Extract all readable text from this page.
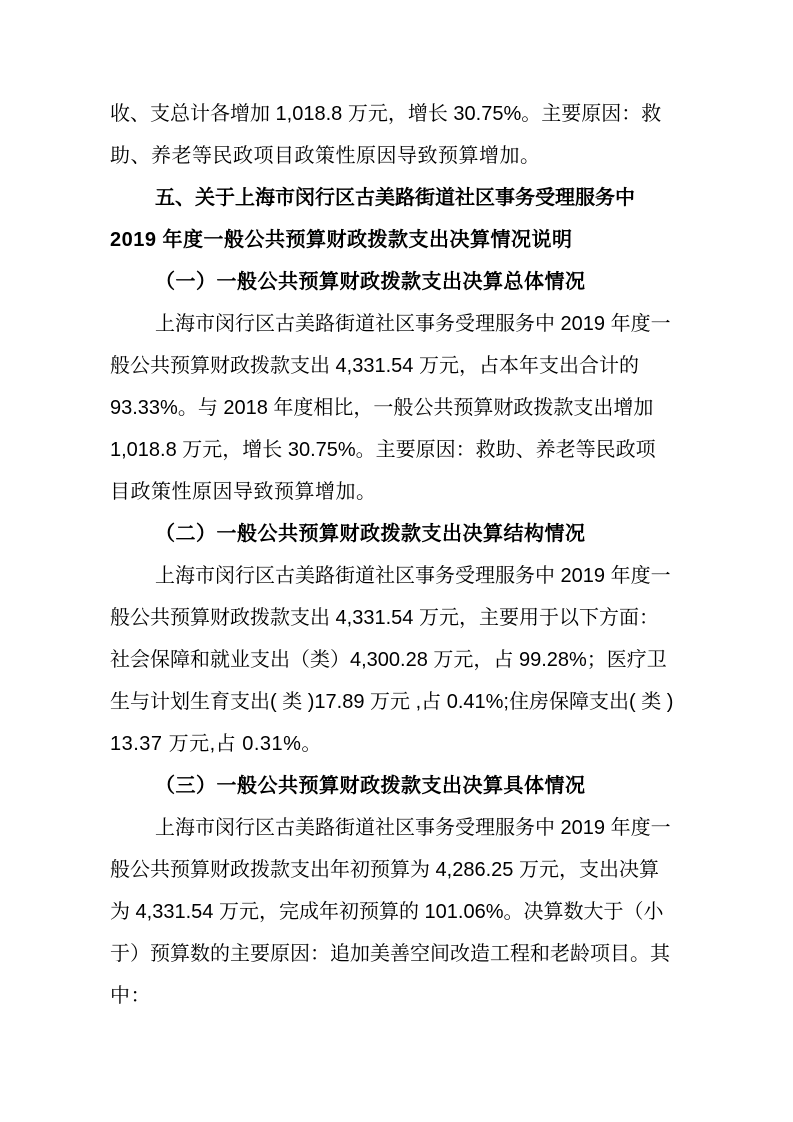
收、支总计各增加 1,018.8 万元，增长 30.75%。主要原因：救
助、养老等民政项目政策性原因导致预算增加。
五、关于上海市闵行区古美路街道社区事务受理服务中
2019 年度一般公共预算财政拨款支出决算情况说明
（一）一般公共预算财政拨款支出决算总体情况
上海市闵行区古美路街道社区事务受理服务中 2019 年度一
般公共预算财政拨款支出 4,331.54 万元，占本年支出合计的
93.33%。与 2018 年度相比，一般公共预算财政拨款支出增加
1,018.8 万元，增长 30.75%。主要原因：救助、养老等民政项
目政策性原因导致预算增加。
（二）一般公共预算财政拨款支出决算结构情况
上海市闵行区古美路街道社区事务受理服务中 2019 年度一
般公共预算财政拨款支出 4,331.54 万元，主要用于以下方面：
社会保障和就业支出（类）4,300.28 万元，占 99.28%；医疗卫
生与计划生育支出( 类 )17.89 万元 ,占 0.41%;住房保障支出( 类 )
13.37 万元,占 0.31%。
（三）一般公共预算财政拨款支出决算具体情况
上海市闵行区古美路街道社区事务受理服务中 2019 年度一
般公共预算财政拨款支出年初预算为 4,286.25 万元，支出决算
为 4,331.54 万元，完成年初预算的 101.06%。决算数大于（小
于）预算数的主要原因：追加美善空间改造工程和老龄项目。其
中：
